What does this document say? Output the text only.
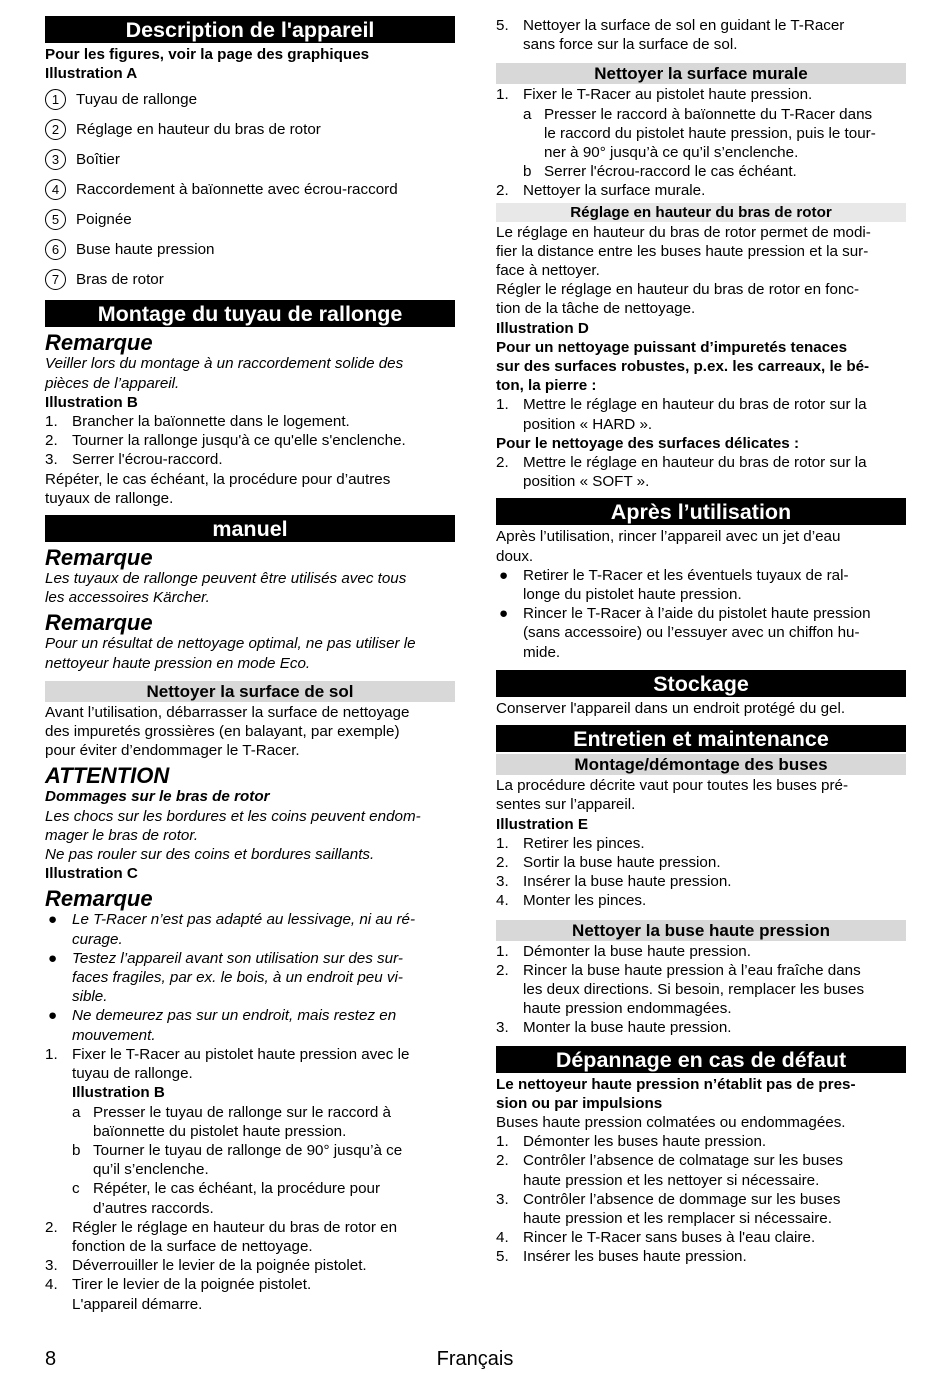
Description de l'appareil

Pour les figures, voir la page des graphiques

Illustration A

1	Tuyau de rallonge
2	Réglage en hauteur du bras de rotor
3	Boîtier
4	Raccordement à baïonnette avec écrou-raccord
5	Poignée
6	Buse haute pression
7	Bras de rotor
Montage du tuyau de rallonge

Remarque

Veiller lors du montage à un raccordement solide des

pièces de l’appareil.

Illustration B

1. Brancher la baïonnette dans le logement.
2. Tourner la rallonge jusqu'à ce qu'elle s'enclenche.
3. Serrer l'écrou-raccord.

Répéter, le cas échéant, la procédure pour d’autres

tuyaux de rallonge.

manuel

Remarque

Les tuyaux de rallonge peuvent être utilisés avec tous

les accessoires Kärcher.

Remarque

Pour un résultat de nettoyage optimal, ne pas utiliser le

nettoyeur haute pression en mode Eco.

Nettoyer la surface de sol

Avant l’utilisation, débarrasser la surface de nettoyage

des impuretés grossières (en balayant, par exemple)

pour éviter d’endommager le T-Racer.

ATTENTION

Dommages sur le bras de rotor

Les chocs sur les bordures et les coins peuvent endom-

mager le bras de rotor.

Ne pas rouler sur des coins et bordures saillants.

Illustration C

Remarque

● Le T-Racer n’est pas adapté au lessivage, ni au ré-

curage.

● Testez l’appareil avant son utilisation sur des sur-

faces fragiles, par ex. le bois, à un endroit peu vi-

sible.

● Ne demeurez pas sur un endroit, mais restez en

mouvement.

1. Fixer le T-Racer au pistolet haute pression avec le

tuyau de rallonge.

Illustration B

a Presser le tuyau de rallonge sur le raccord à

baïonnette du pistolet haute pression.

b Tourner le tuyau de rallonge de 90° jusqu’à ce

qu’il s’enclenche.

c Répéter, le cas échéant, la procédure pour

d’autres raccords.

2. Régler le réglage en hauteur du bras de rotor en

fonction de la surface de nettoyage.

3. Déverrouiller le levier de la poignée pistolet.

4. Tirer le levier de la poignée pistolet.

L'appareil démarre.

5. Nettoyer la surface de sol en guidant le T-Racer

sans force sur la surface de sol.

Nettoyer la surface murale
1. Fixer le T-Racer au pistolet haute pression.

a Presser le raccord à baïonnette du T-Racer dans

le raccord du pistolet haute pression, puis le tour-

ner à 90° jusqu’à ce qu’il s’enclenche.

b Serrer l'écrou-raccord le cas échéant.

2. Nettoyer la surface murale.

Réglage en hauteur du bras de rotor

Le réglage en hauteur du bras de rotor permet de modi-

fier la distance entre les buses haute pression et la sur-

face à nettoyer.

Régler le réglage en hauteur du bras de rotor en fonc-

tion de la tâche de nettoyage.

Illustration D

Pour un nettoyage puissant d’impuretés tenaces

sur des surfaces robustes, p.ex. les carreaux, le bé-

ton, la pierre :

1. Mettre le réglage en hauteur du bras de rotor sur la

position « HARD ».

Pour le nettoyage des surfaces délicates :

2. Mettre le réglage en hauteur du bras de rotor sur la

position « SOFT ».

Après l’utilisation

Après l’utilisation, rincer l’appareil avec un jet d’eau

doux.

● Retirer le T-Racer et les éventuels tuyaux de ral-

longe du pistolet haute pression.

● Rincer le T-Racer à l’aide du pistolet haute pression

(sans accessoire) ou l’essuyer avec un chiffon hu-

mide.

Stockage

Conserver l'appareil dans un endroit protégé du gel.

Entretien et maintenance
Montage/démontage des buses

La procédure décrite vaut pour toutes les buses pré-

sentes sur l’appareil.

Illustration E

1. Retirer les pinces.

2. Sortir la buse haute pression.

3. Insérer la buse haute pression.

4. Monter les pinces.

Nettoyer la buse haute pression
1. Démonter la buse haute pression.

2. Rincer la buse haute pression à l’eau fraîche dans

les deux directions. Si besoin, remplacer les buses

haute pression endommagées.

3. Monter la buse haute pression.

Dépannage en cas de défaut

Le nettoyeur haute pression n’établit pas de pres-

sion ou par impulsions

Buses haute pression colmatées ou endommagées.

1. Démonter les buses haute pression.

2. Contrôler l’absence de colmatage sur les buses

haute pression et les nettoyer si nécessaire.

3. Contrôler l’absence de dommage sur les buses

haute pression et les remplacer si nécessaire.

4. Rincer le T-Racer sans buses à l'eau claire.

5. Insérer les buses haute pression.

Français
8
